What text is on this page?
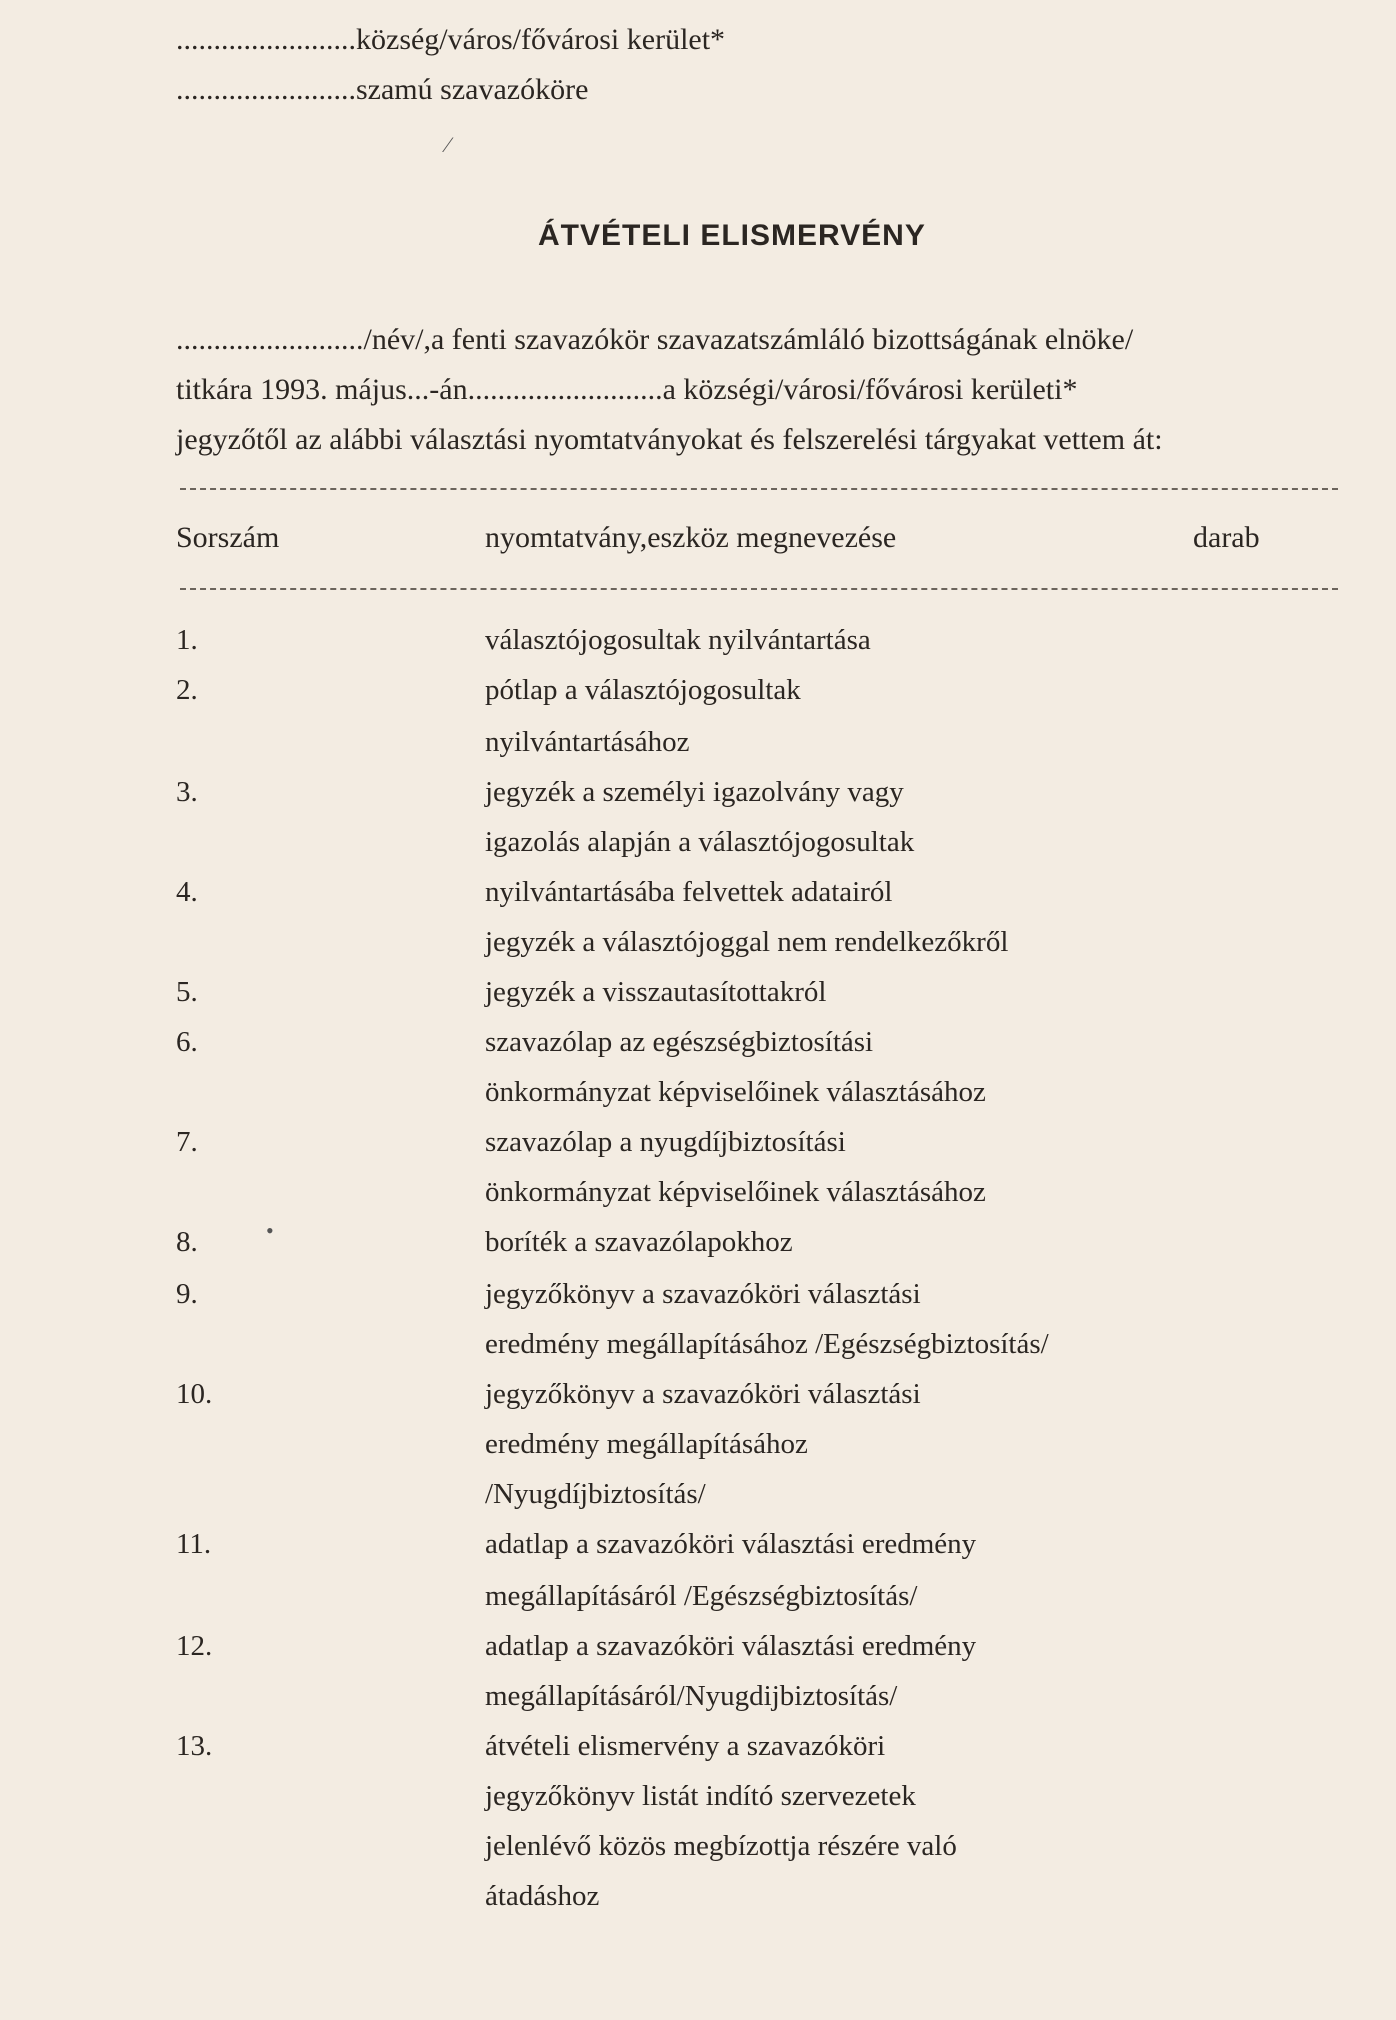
........................község/város/fővárosi kerület*
........................szamú szavazóköre
⁄
ÁTVÉTELI ELISMERVÉNY
........................./név/,a fenti szavazókör szavazatszámláló bizottságának elnöke/
titkára 1993. május...-án..........................a községi/városi/fővárosi kerületi*
jegyzőtől az alábbi választási nyomtatványokat és felszerelési tárgyakat vettem át:
Sorszám	nyomtatvány,eszköz megnevezése	darab
1.
2.
3.
4.
5.
6.
7.
8.
9.
10.
11.
12.
13.
•
választójogosultak nyilvántartása
pótlap a választójogosultak
nyilvántartásához
jegyzék a személyi igazolvány vagy
igazolás alapján a választójogosultak
nyilvántartásába felvettek adatairól
jegyzék a választójoggal nem rendelkezőkről
jegyzék a visszautasítottakról
szavazólap az egészségbiztosítási
önkormányzat képviselőinek választásához
szavazólap a nyugdíjbiztosítási
önkormányzat képviselőinek választásához
boríték a szavazólapokhoz
jegyzőkönyv a szavazóköri választási
eredmény megállapításához /Egészségbiztosítás/
jegyzőkönyv a szavazóköri választási
eredmény megállapításához
/Nyugdíjbiztosítás/
adatlap a szavazóköri választási eredmény
megállapításáról /Egészségbiztosítás/
adatlap a szavazóköri választási eredmény
megállapításáról/Nyugdijbiztosítás/
átvételi elismervény a szavazóköri
jegyzőkönyv listát indító szervezetek
jelenlévő közös megbízottja részére való
átadáshoz
